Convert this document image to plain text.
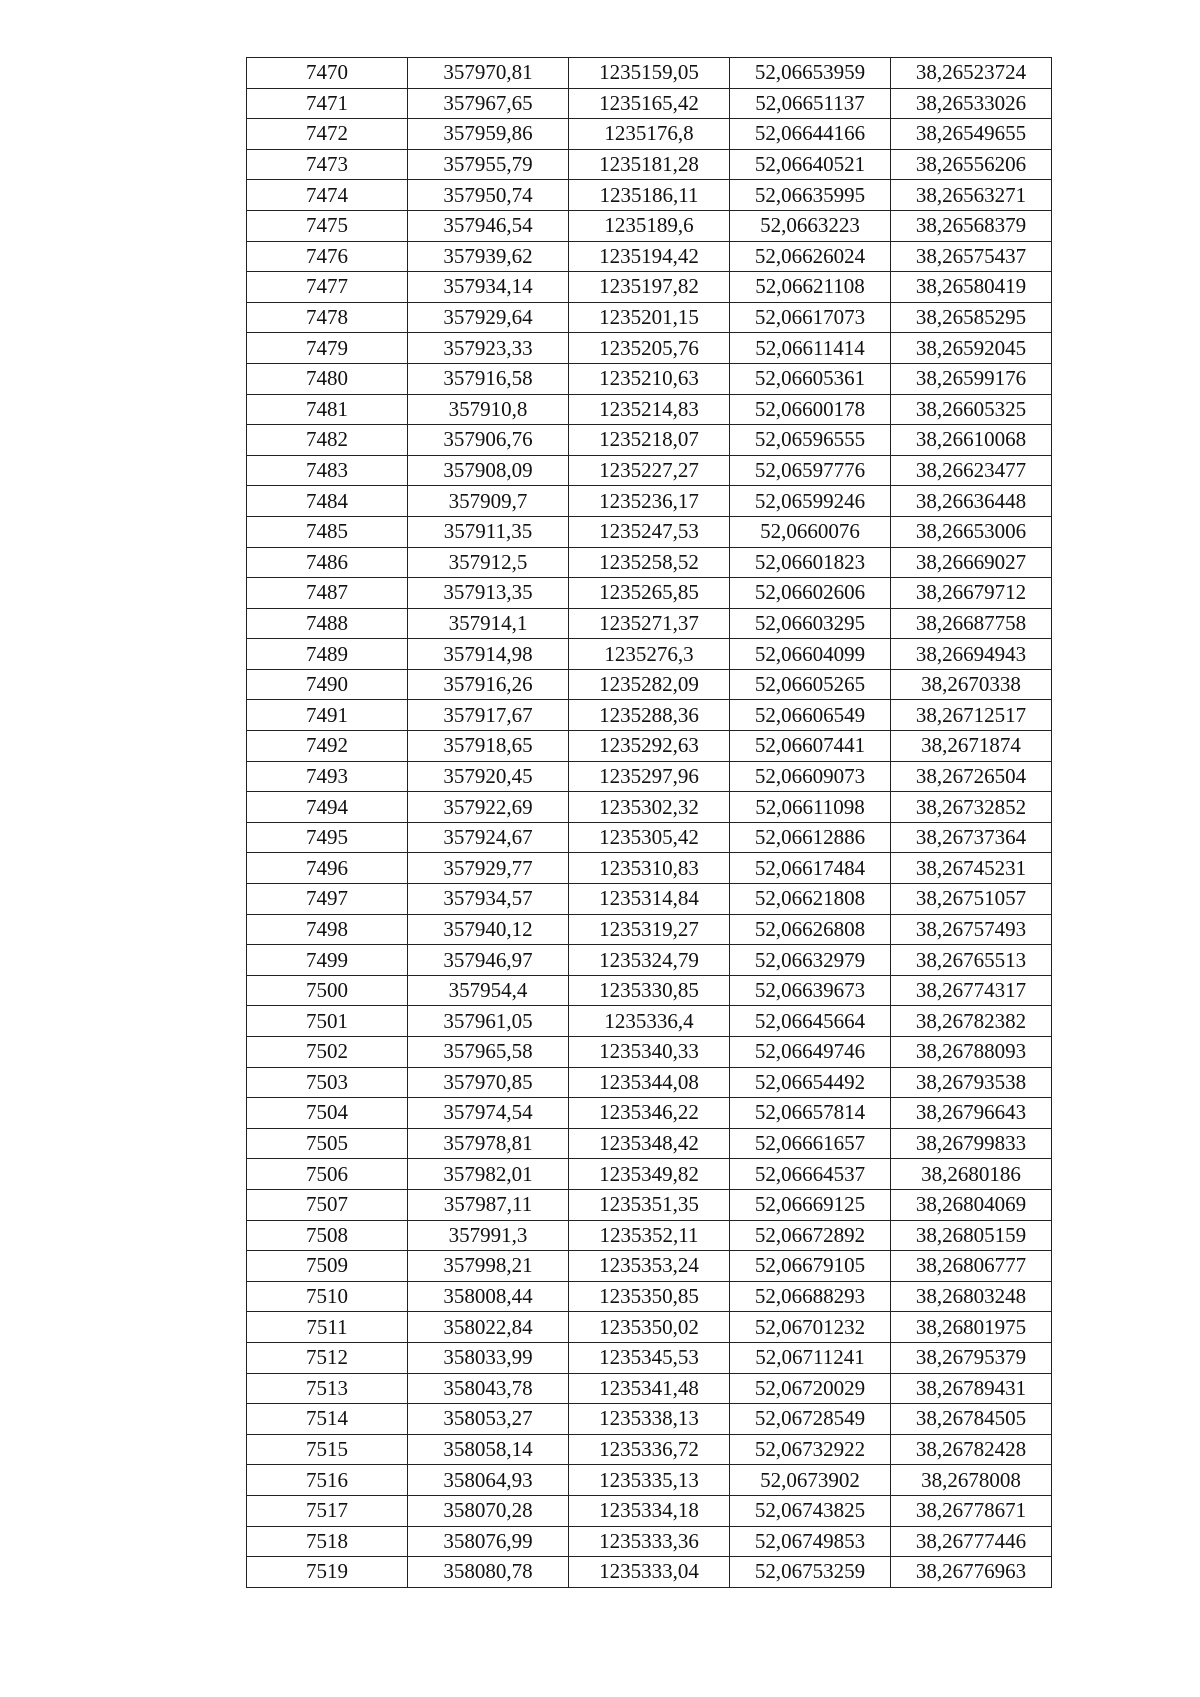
7470	357970,81	1235159,05	52,06653959	38,26523724
7471	357967,65	1235165,42	52,06651137	38,26533026
7472	357959,86	1235176,8	52,06644166	38,26549655
7473	357955,79	1235181,28	52,06640521	38,26556206
7474	357950,74	1235186,11	52,06635995	38,26563271
7475	357946,54	1235189,6	52,0663223	38,26568379
7476	357939,62	1235194,42	52,06626024	38,26575437
7477	357934,14	1235197,82	52,06621108	38,26580419
7478	357929,64	1235201,15	52,06617073	38,26585295
7479	357923,33	1235205,76	52,06611414	38,26592045
7480	357916,58	1235210,63	52,06605361	38,26599176
7481	357910,8	1235214,83	52,06600178	38,26605325
7482	357906,76	1235218,07	52,06596555	38,26610068
7483	357908,09	1235227,27	52,06597776	38,26623477
7484	357909,7	1235236,17	52,06599246	38,26636448
7485	357911,35	1235247,53	52,0660076	38,26653006
7486	357912,5	1235258,52	52,06601823	38,26669027
7487	357913,35	1235265,85	52,06602606	38,26679712
7488	357914,1	1235271,37	52,06603295	38,26687758
7489	357914,98	1235276,3	52,06604099	38,26694943
7490	357916,26	1235282,09	52,06605265	38,2670338
7491	357917,67	1235288,36	52,06606549	38,26712517
7492	357918,65	1235292,63	52,06607441	38,2671874
7493	357920,45	1235297,96	52,06609073	38,26726504
7494	357922,69	1235302,32	52,06611098	38,26732852
7495	357924,67	1235305,42	52,06612886	38,26737364
7496	357929,77	1235310,83	52,06617484	38,26745231
7497	357934,57	1235314,84	52,06621808	38,26751057
7498	357940,12	1235319,27	52,06626808	38,26757493
7499	357946,97	1235324,79	52,06632979	38,26765513
7500	357954,4	1235330,85	52,06639673	38,26774317
7501	357961,05	1235336,4	52,06645664	38,26782382
7502	357965,58	1235340,33	52,06649746	38,26788093
7503	357970,85	1235344,08	52,06654492	38,26793538
7504	357974,54	1235346,22	52,06657814	38,26796643
7505	357978,81	1235348,42	52,06661657	38,26799833
7506	357982,01	1235349,82	52,06664537	38,2680186
7507	357987,11	1235351,35	52,06669125	38,26804069
7508	357991,3	1235352,11	52,06672892	38,26805159
7509	357998,21	1235353,24	52,06679105	38,26806777
7510	358008,44	1235350,85	52,06688293	38,26803248
7511	358022,84	1235350,02	52,06701232	38,26801975
7512	358033,99	1235345,53	52,06711241	38,26795379
7513	358043,78	1235341,48	52,06720029	38,26789431
7514	358053,27	1235338,13	52,06728549	38,26784505
7515	358058,14	1235336,72	52,06732922	38,26782428
7516	358064,93	1235335,13	52,0673902	38,2678008
7517	358070,28	1235334,18	52,06743825	38,26778671
7518	358076,99	1235333,36	52,06749853	38,26777446
7519	358080,78	1235333,04	52,06753259	38,26776963
